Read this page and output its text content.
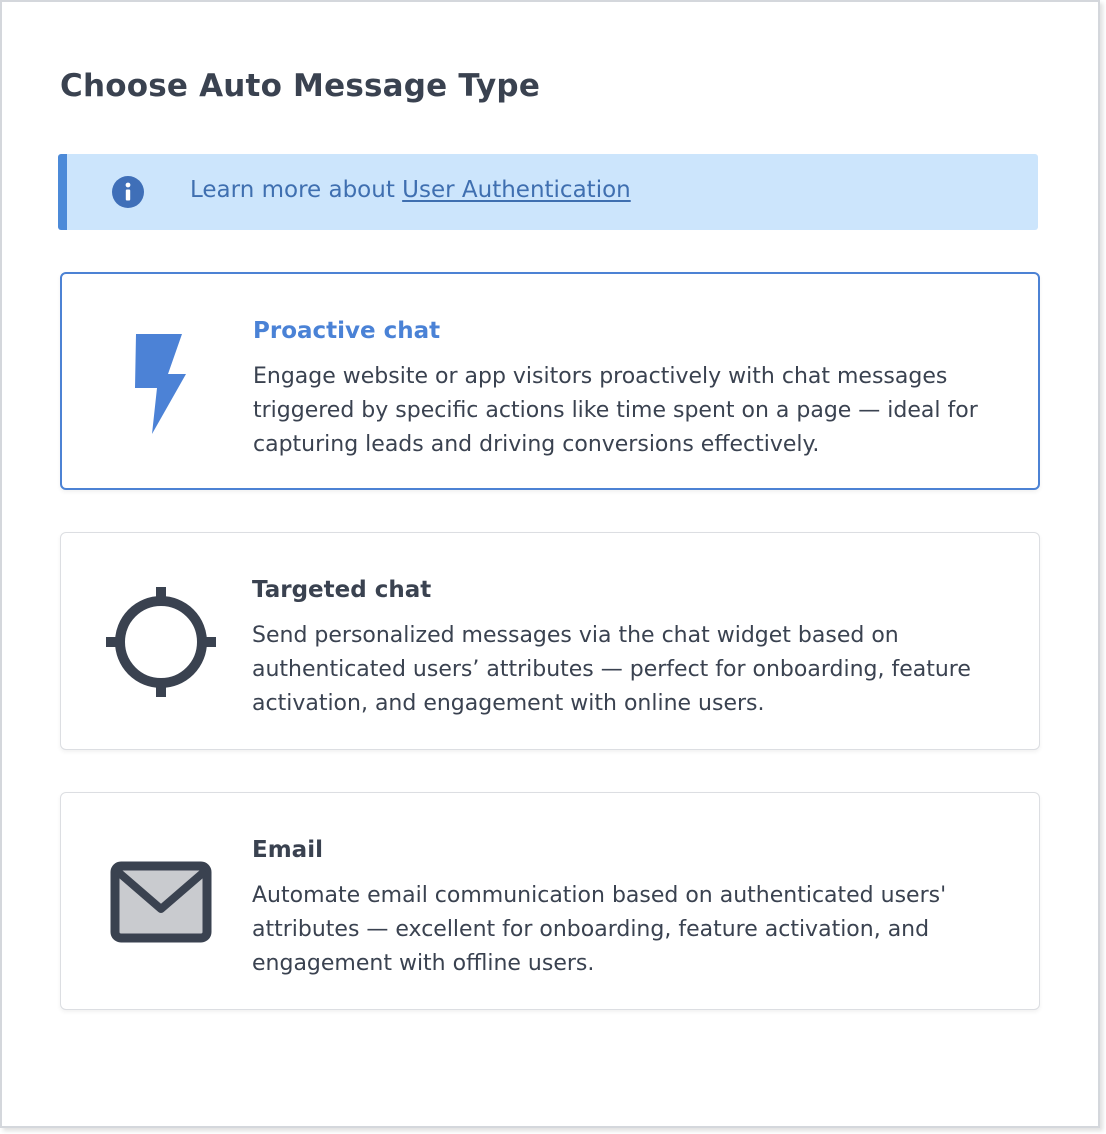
Choose Auto Message Type
Learn more about User Authentication
Proactive chat
Engage website or app visitors proactively with chat messages triggered by specific actions like time spent on a page — ideal for capturing leads and driving conversions effectively.
Targeted chat
Send personalized messages via the chat widget based on authenticated users’ attributes — perfect for onboarding, feature activation, and engagement with online users.
Email
Automate email communication based on authenticated users' attributes — excellent for onboarding, feature activation, and engagement with offline users.
